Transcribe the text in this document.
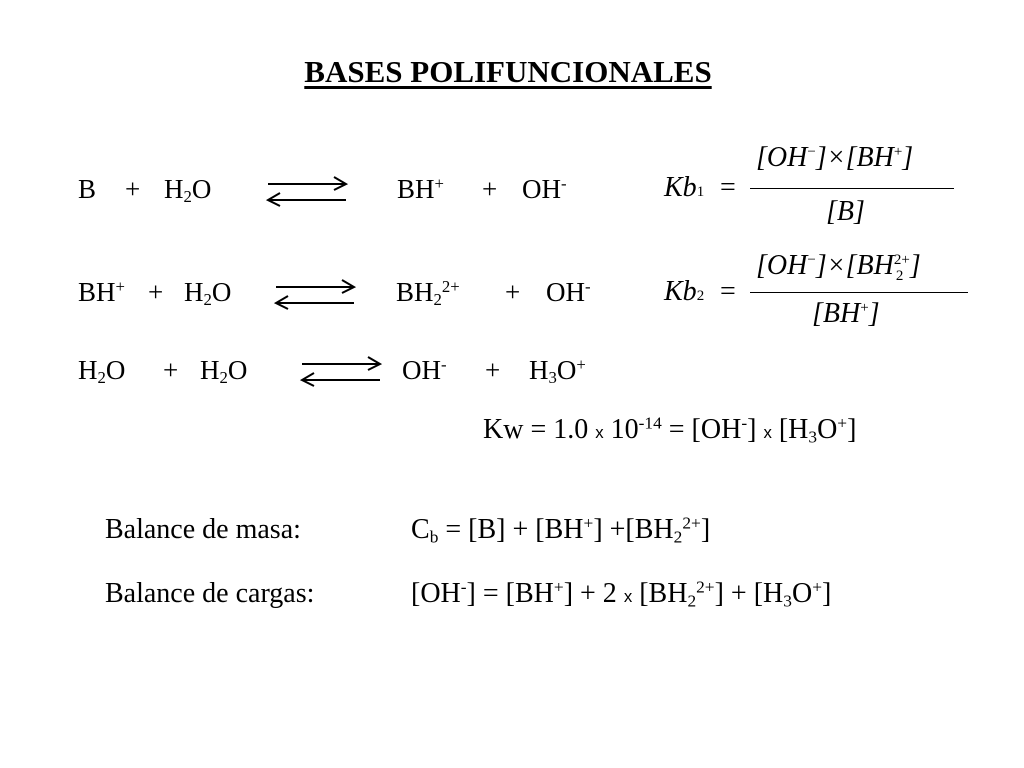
BASES POLIFUNCIONALES
$B + H_2O$	BH+ + OH-
$BH^+ + H_2O$	$BH_2^{2+} + OH^-$
$H_2O + H_2O$	$OH^- + H_3O^+$
Kb1 =
[OH−]×[BH+]
[B]
Kb2 =
[OH−]×[BH 2+
2 ]
[BH+]
Kw = 1.0 x $10^{-14} = [OH^-]$ x $[H_3O^+]$
Balance de masa:	$C_b = [B] + [BH^+] +[BH_2^{2+}]$
Balance de cargas:	[OH-] = [BH+] + 2 x $[BH_2^{2+}] + [H_3O^+]$
